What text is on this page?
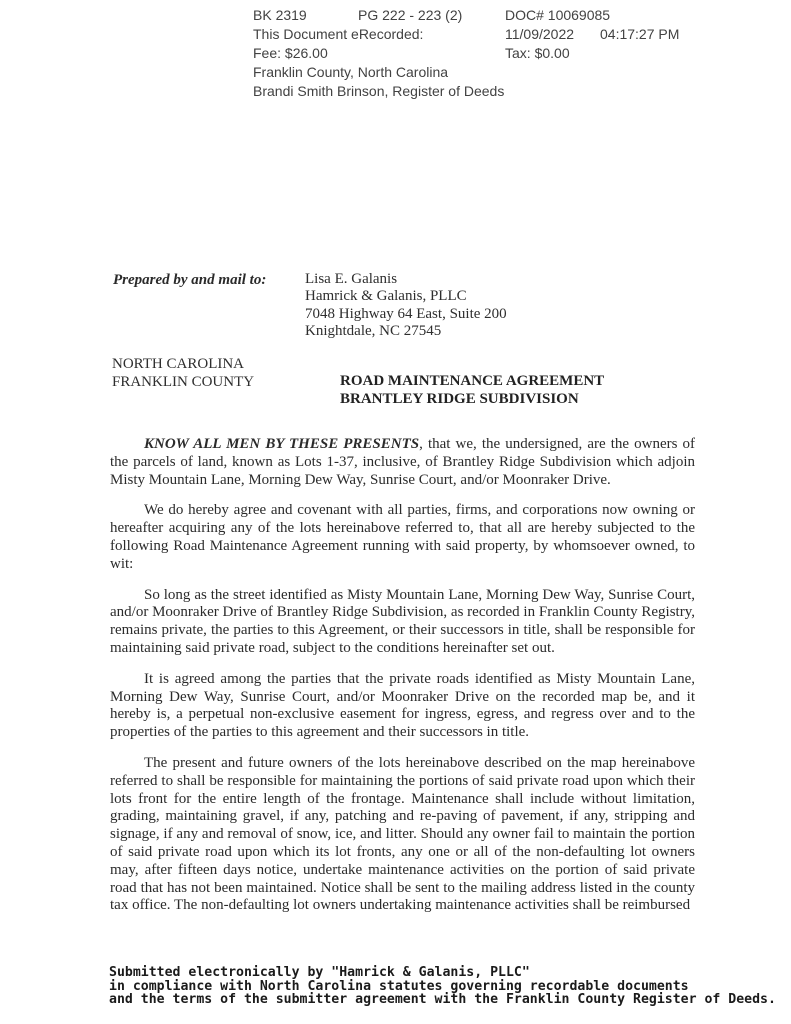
BK 2319	PG 222 - 223 (2)	DOC# 10069085
This Document eRecorded:	11/09/2022 04:17:27 PM
Fee: $26.00	Tax: $0.00
Franklin County, North Carolina
Brandi Smith Brinson, Register of Deeds
Prepared by and mail to:	Lisa E. Galanis
Hamrick & Galanis, PLLC
7048 Highway 64 East, Suite 200
Knightdale, NC 27545
NORTH CAROLINA
FRANKLIN COUNTY	ROAD MAINTENANCE AGREEMENT
BRANTLEY RIDGE SUBDIVISION

KNOW ALL MEN BY THESE PRESENTS, that we, the undersigned, are the owners of the parcels of land, known as Lots 1-37, inclusive, of Brantley Ridge Subdivision which adjoin Misty Mountain Lane, Morning Dew Way, Sunrise Court, and/or Moonraker Drive.

We do hereby agree and covenant with all parties, firms, and corporations now owning or hereafter acquiring any of the lots hereinabove referred to, that all are hereby subjected to the following Road Maintenance Agreement running with said property, by whomsoever owned, to wit:

So long as the street identified as Misty Mountain Lane, Morning Dew Way, Sunrise Court, and/or Moonraker Drive of Brantley Ridge Subdivision, as recorded in Franklin County Registry, remains private, the parties to this Agreement, or their successors in title, shall be responsible for maintaining said private road, subject to the conditions hereinafter set out.

It is agreed among the parties that the private roads identified as Misty Mountain Lane, Morning Dew Way, Sunrise Court, and/or Moonraker Drive on the recorded map be, and it hereby is, a perpetual non-exclusive easement for ingress, egress, and regress over and to the properties of the parties to this agreement and their successors in title.

The present and future owners of the lots hereinabove described on the map hereinabove referred to shall be responsible for maintaining the portions of said private road upon which their lots front for the entire length of the frontage. Maintenance shall include without limitation, grading, maintaining gravel, if any, patching and re-paving of pavement, if any, stripping and signage, if any and removal of snow, ice, and litter. Should any owner fail to maintain the portion of said private road upon which its lot fronts, any one or all of the non-defaulting lot owners may, after fifteen days notice, undertake maintenance activities on the portion of said private road that has not been maintained. Notice shall be sent to the mailing address listed in the county tax office. The non-defaulting lot owners undertaking maintenance activities shall be reimbursed

Submitted electronically by "Hamrick & Galanis, PLLC"
in compliance with North Carolina statutes governing recordable documents
and the terms of the submitter agreement with the Franklin County Register of Deeds.
